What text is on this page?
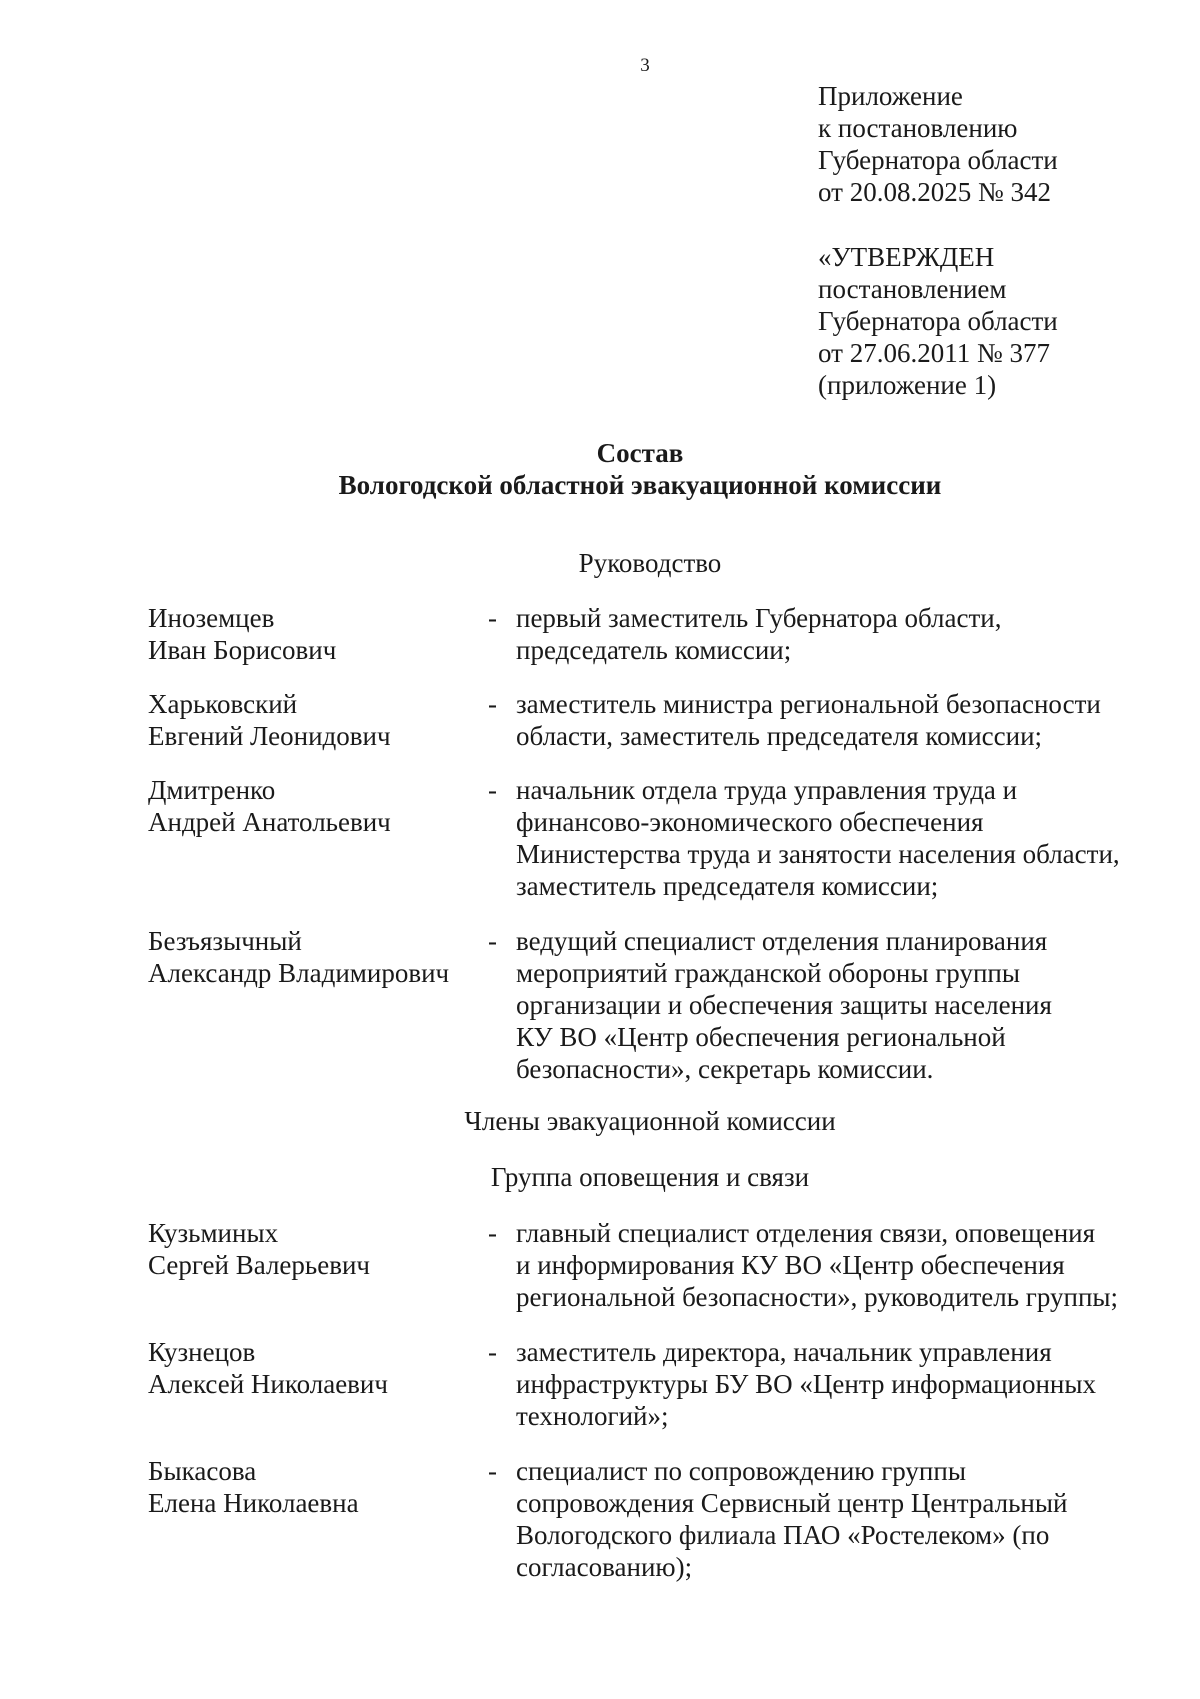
3
Приложение
к постановлению
Губернатора области
от 20.08.2025 № 342
«УТВЕРЖДЕН
постановлением
Губернатора области
от 27.06.2011 № 377
(приложение 1)
Состав
Вологодской областной эвакуационной комиссии
Руководство
Иноземцев
Иван Борисович
- первый заместитель Губернатора области,
председатель комиссии;
Харьковский
Евгений Леонидович
- заместитель министра региональной безопасности
области, заместитель председателя комиссии;
Дмитренко
Андрей Анатольевич
- начальник отдела труда управления труда и
финансово-экономического обеспечения
Министерства труда и занятости населения области,
заместитель председателя комиссии;
Безъязычный
Александр Владимирович
- ведущий специалист отделения планирования
мероприятий гражданской обороны группы
организации и обеспечения защиты населения
КУ ВО «Центр обеспечения региональной
безопасности», секретарь комиссии.
Члены эвакуационной комиссии
Группа оповещения и связи
Кузьминых
Сергей Валерьевич
- главный специалист отделения связи, оповещения
и информирования КУ ВО «Центр обеспечения
региональной безопасности», руководитель группы;
Кузнецов
Алексей Николаевич
- заместитель директора, начальник управления
инфраструктуры БУ ВО «Центр информационных
технологий»;
Быкасова
Елена Николаевна
- специалист по сопровождению группы
сопровождения Сервисный центр Центральный
Вологодского филиала ПАО «Ростелеком» (по
согласованию);
